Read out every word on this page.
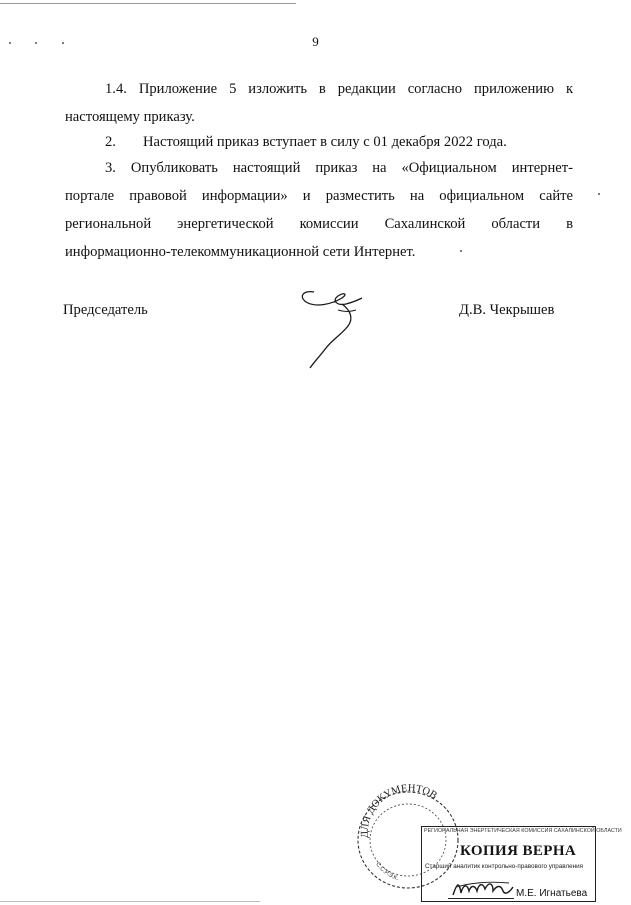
9
1.4. Приложение 5 изложить в редакции согласно приложению к
настоящему приказу.
2. Настоящий приказ вступает в силу с 01 декабря 2022 года.
3. Опубликовать настоящий приказ на «Официальном интернет-
портале правовой информации» и разместить на официальном сайте
региональной энергетической комиссии Сахалинской области в
информационно-телекоммуникационной сети Интернет.
Председатель	Д.В. Чекрышев
ДЛЯ ДОКУМЕНТОВ
С.С.Р.Э.К.
РЕГИОНАЛЬНАЯ ЭНЕРГЕТИЧЕСКАЯ КОМИССИЯ САХАЛИНСКОЙ ОБЛАСТИ
КОПИЯ ВЕРНА
Старший аналитик контрольно-правового управления
М.Е. Игнатьева
